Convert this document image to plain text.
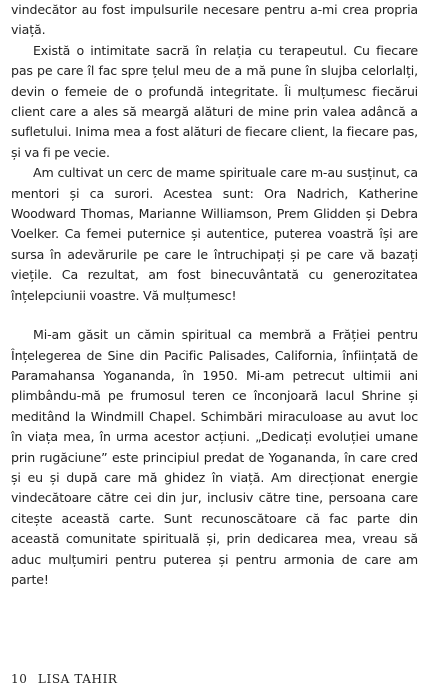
vindecător au fost impulsurile necesare pentru a-mi crea propria viață.

Există o intimitate sacră în relația cu terapeutul. Cu fiecare pas pe care îl fac spre țelul meu de a mă pune în slujba celorlalți, devin o femeie de o profundă integritate. Îi mulțumesc fiecărui client care a ales să meargă alături de mine prin valea adâncă a sufletului. Inima mea a fost alături de fiecare client, la fiecare pas, și va fi pe vecie.

Am cultivat un cerc de mame spirituale care m-au susținut, ca mentori și ca surori. Acestea sunt: Ora Nadrich, Katherine Woodward Thomas, Marianne Williamson, Prem Glidden și Debra Voelker. Ca femei puternice și autentice, puterea voastră își are sursa în adevărurile pe care le întruchipați și pe care vă bazați viețile. Ca rezultat, am fost binecuvântată cu generozitatea înțelepciunii voastre. Vă mulțumesc!

Mi-am găsit un cămin spiritual ca membră a Frăției pentru Înțelegerea de Sine din Pacific Palisades, California, înființată de Paramahansa Yogananda, în 1950. Mi-am petrecut ultimii ani plimbându-mă pe frumosul teren ce înconjoară lacul Shrine și meditând la Windmill Chapel. Schimbări miraculoase au avut loc în viața mea, în urma acestor acțiuni. „Dedicați evoluției umane prin rugăciune” este principiul predat de Yogananda, în care cred și eu și după care mă ghidez în viață. Am direcționat energie vindecătoare către cei din jur, inclusiv către tine, persoana care citește această carte. Sunt recunoscătoare că fac parte din această comunitate spirituală și, prin dedicarea mea, vreau să aduc mulțumiri pentru puterea și pentru armonia de care am parte!

10 LISA TAHIR
